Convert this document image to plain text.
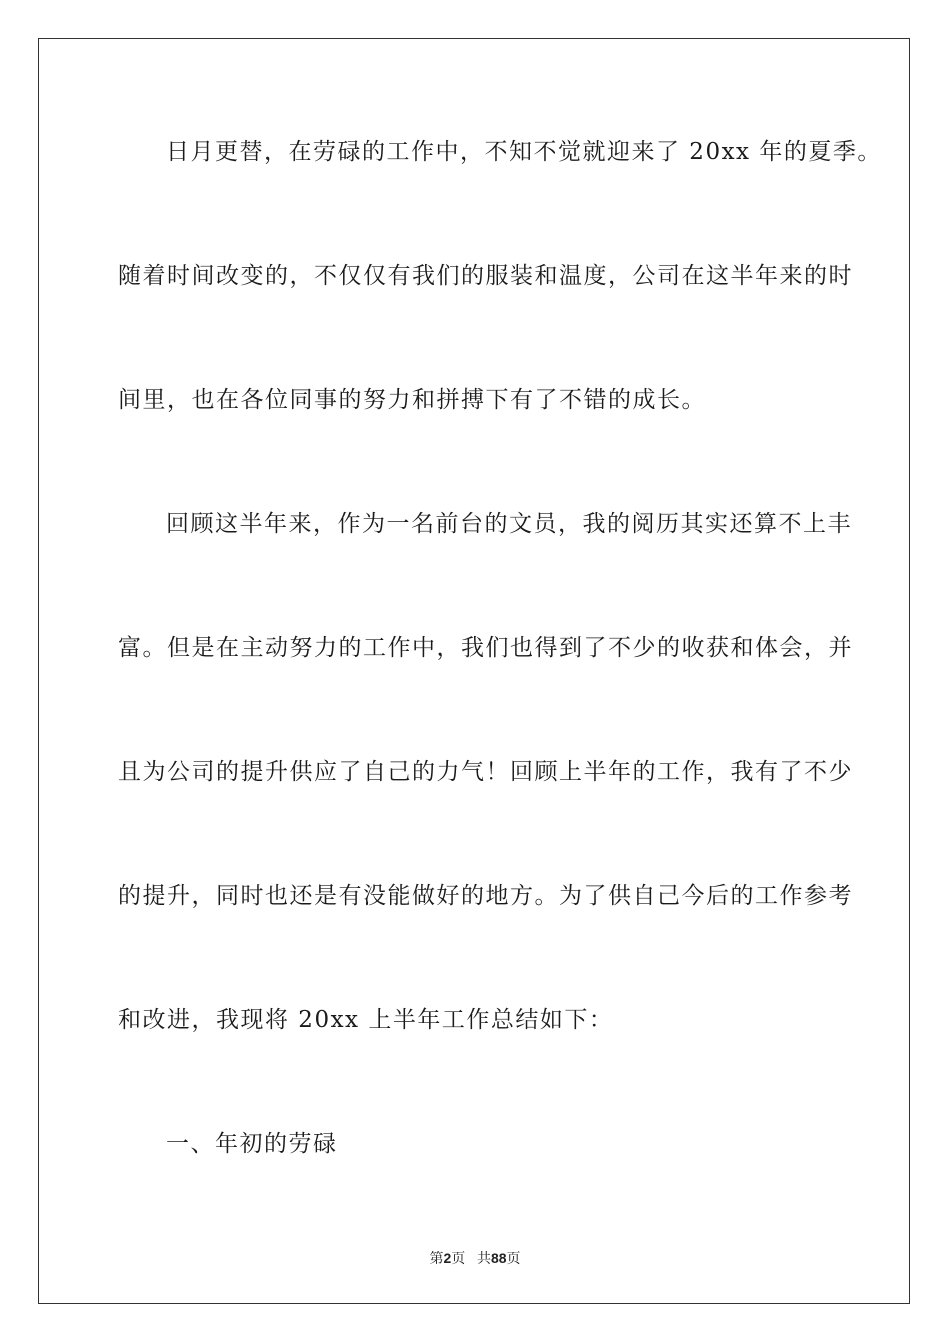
日月更替，在劳碌的工作中，不知不觉就迎来了 20xx 年的夏季。
随着时间改变的，不仅仅有我们的服装和温度，公司在这半年来的时
间里，也在各位同事的努力和拼搏下有了不错的成长。
回顾这半年来，作为一名前台的文员，我的阅历其实还算不上丰
富。但是在主动努力的工作中，我们也得到了不少的收获和体会，并
且为公司的提升供应了自己的力气！回顾上半年的工作，我有了不少
的提升，同时也还是有没能做好的地方。为了供自己今后的工作参考
和改进，我现将 20xx 上半年工作总结如下：
一、年初的劳碌
第2页 共88页
